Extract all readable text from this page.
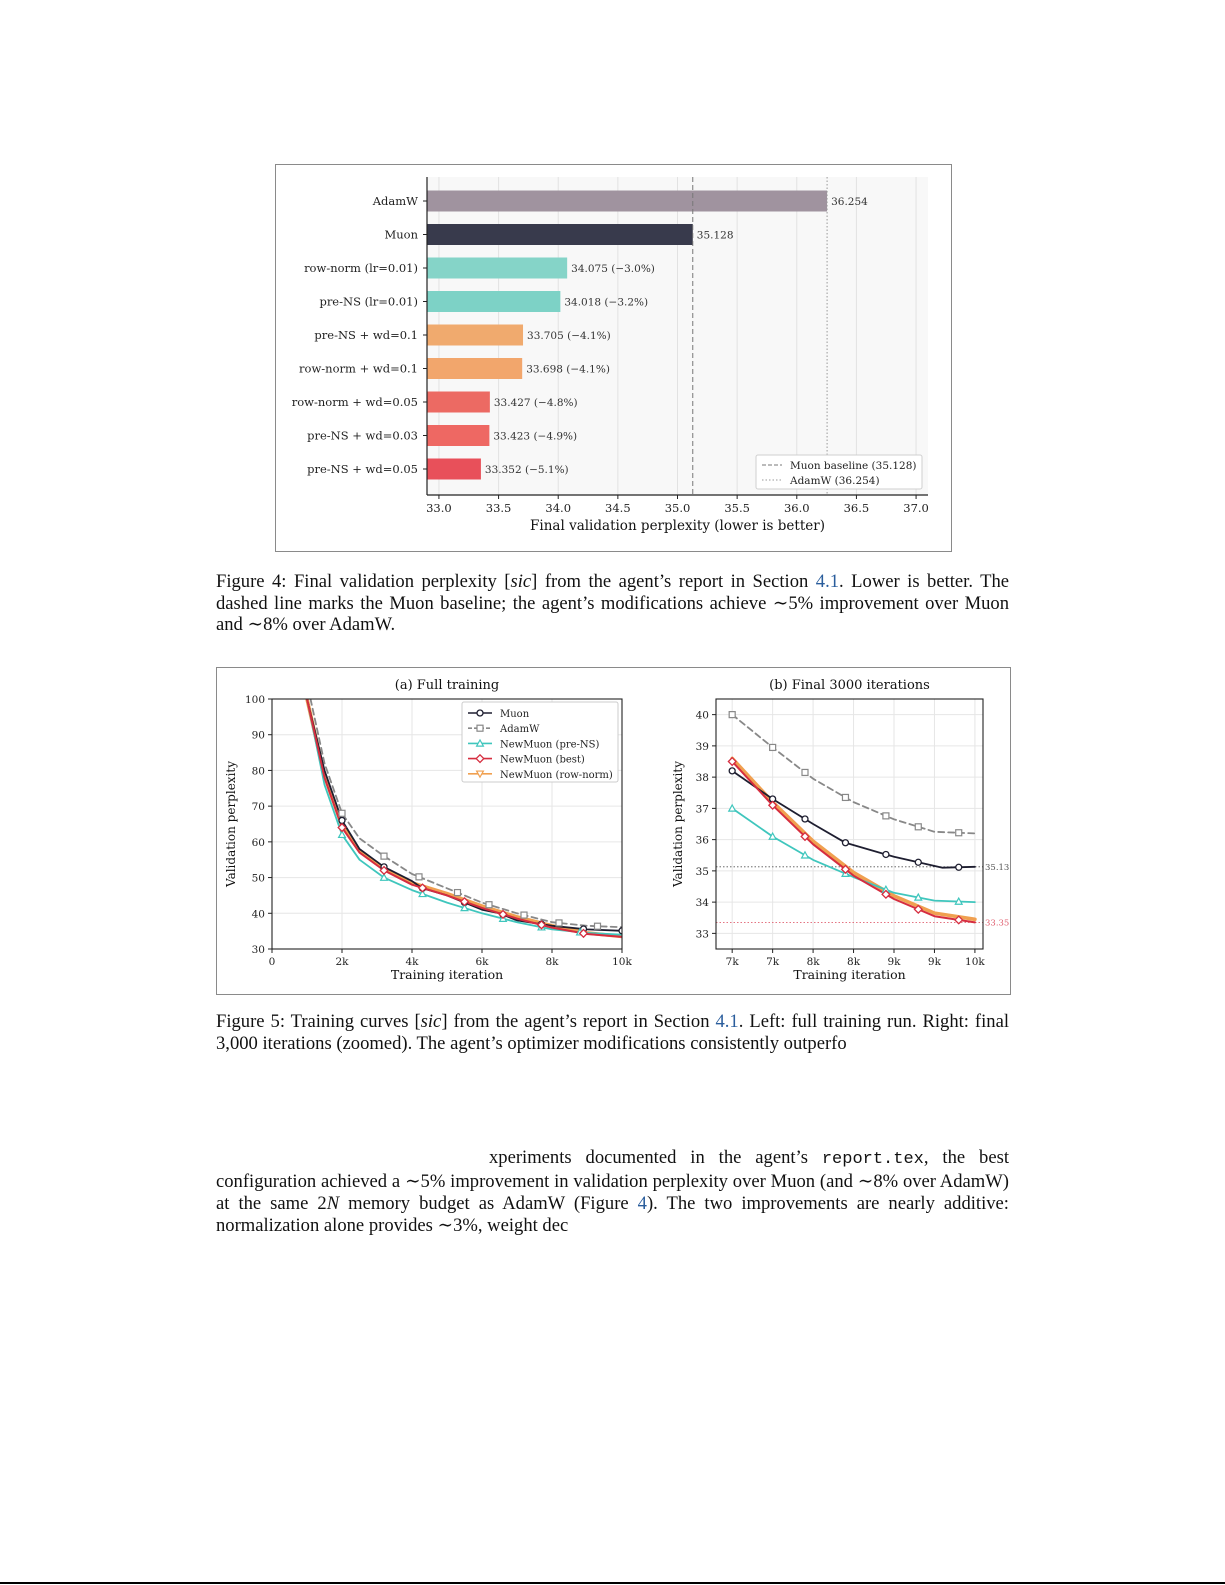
36.254
35.128
34.075 (−3.0%)
34.018 (−3.2%)
33.705 (−4.1%)
33.698 (−4.1%)
33.427 (−4.8%)
33.423 (−4.9%)
33.352 (−5.1%)
33.0	33.5	34.0	34.5	35.0	35.5	36.0	36.5	37.0
AdamW
Muon
row-norm (lr=0.01)
pre-NS (lr=0.01)
pre-NS + wd=0.1
row-norm + wd=0.1
row-norm + wd=0.05
pre-NS + wd=0.03
pre-NS + wd=0.05
Final validation perplexity (lower is better)
Muon baseline (35.128)
AdamW (36.254)
Figure 4: Final validation perplexity [sic] from the agent’s report in Section 4.1. Lower is better. The dashed line marks the Muon baseline; the agent’s modifications achieve ∼5% improvement over Muon and ∼8% over AdamW.
0	2k	4k	6k	8k	10k
30
40
50
60
70
80
90
100
(a) Full training
Training iteration
Validation perplexity
Muon
AdamW
NewMuon (pre-NS)
NewMuon (best)
NewMuon (row-norm)
7k	7k	8k	8k	9k	9k 10k
33
34
35
36
37
38
39
40
35.13
33.35
(b) Final 3000 iterations
Training iteration
Validation perplexity
Figure 5: Training curves [sic] from the agent’s report in Section 4.1. Left: full training run. Right: final 3,000 iterations (zoomed). The agent’s optimizer modifications consistently outperfo

xperiments documented in the agent’s report.tex, the best configuration achieved a ∼5% improvement in validation perplexity over Muon (and ∼8% over AdamW) at the same 2N memory budget as AdamW (Figure 4). The two improvements are nearly additive: normalization alone provides ∼3%, weight dec
